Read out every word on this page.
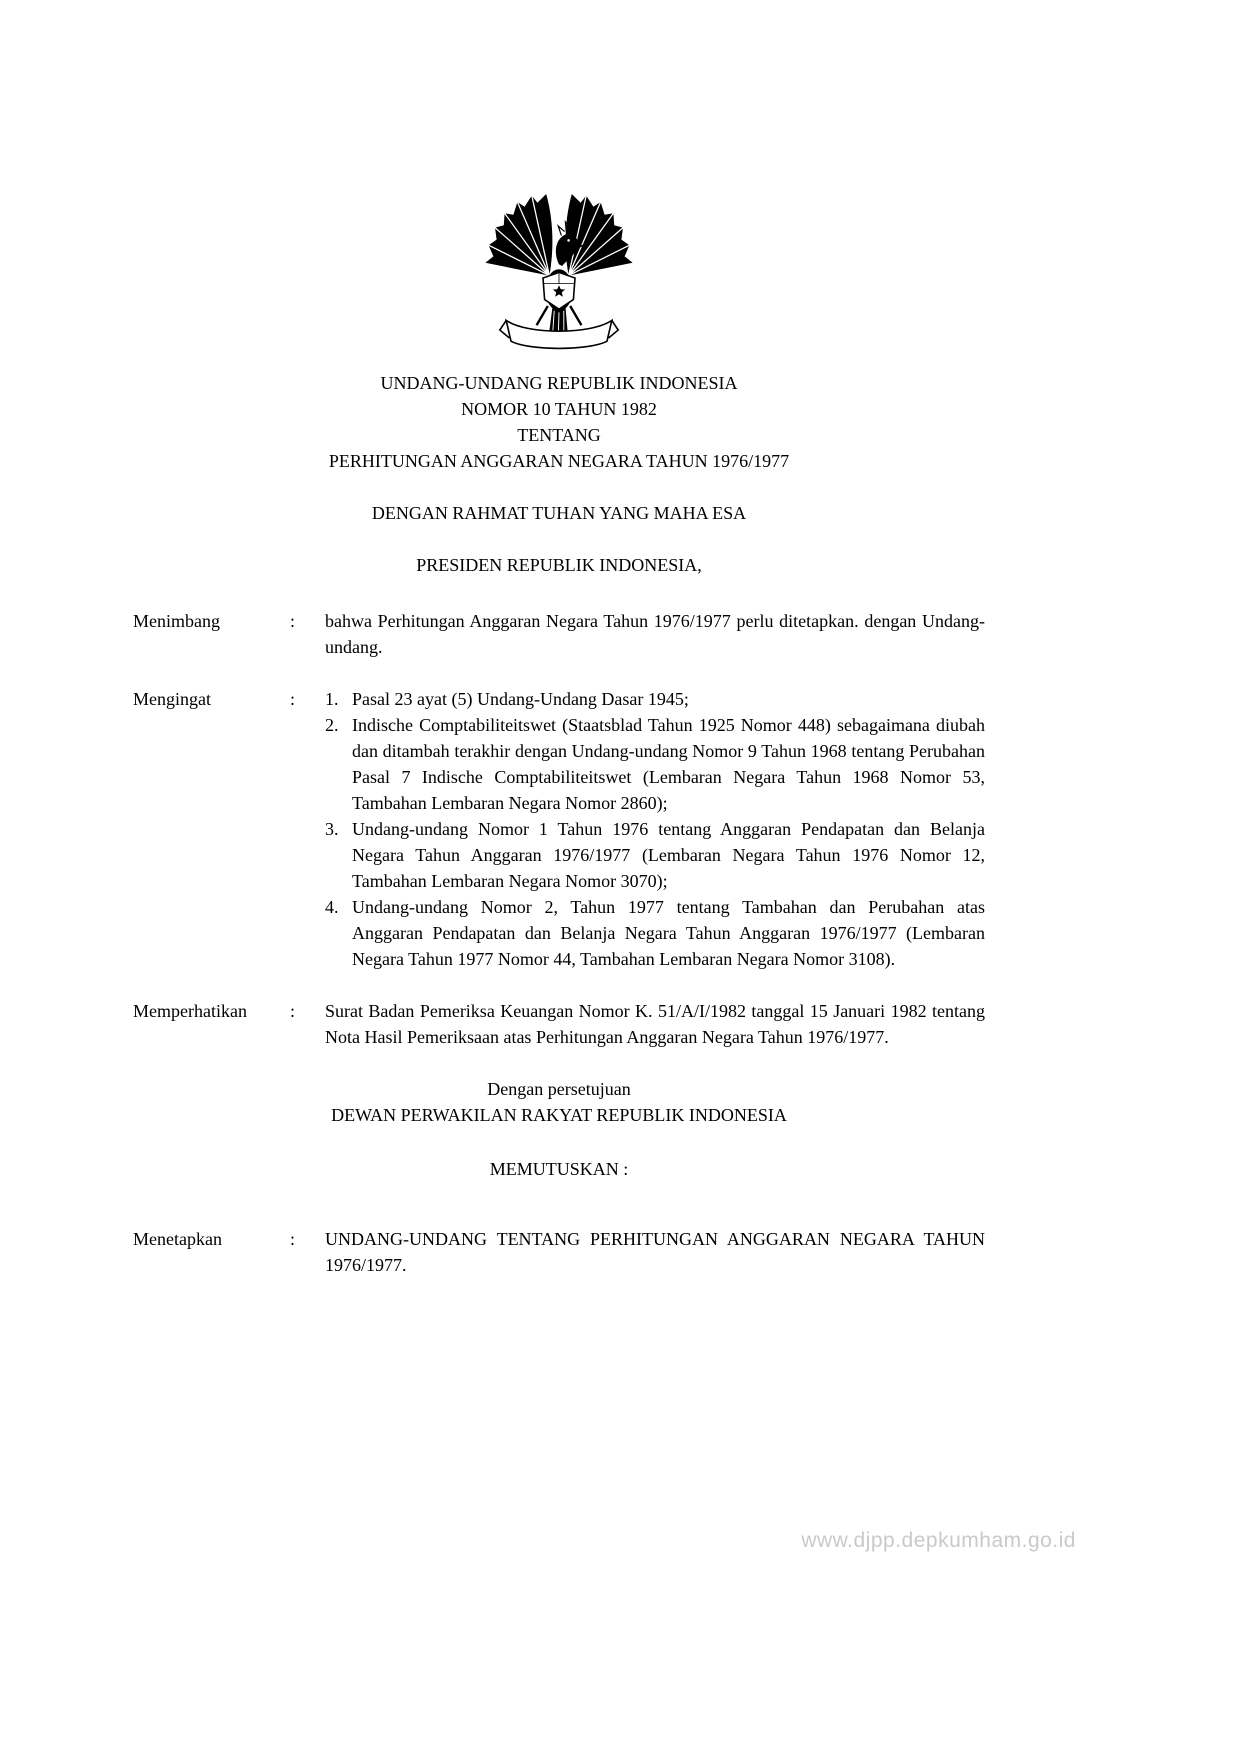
UNDANG-UNDANG REPUBLIK INDONESIA
NOMOR 10 TAHUN 1982
TENTANG
PERHITUNGAN ANGGARAN NEGARA TAHUN 1976/1977
DENGAN RAHMAT TUHAN YANG MAHA ESA
PRESIDEN REPUBLIK INDONESIA,
Menimbang	:	bahwa Perhitungan Anggaran Negara Tahun 1976/1977 perlu ditetapkan. dengan Undang-undang.
Mengingat	:	1. Pasal 23 ayat (5) Undang-Undang Dasar 1945;
2. Indische Comptabiliteitswet (Staatsblad Tahun 1925 Nomor 448) sebagaimana diubah dan ditambah terakhir dengan Undang-undang Nomor 9 Tahun 1968 tentang Perubahan Pasal 7 Indische Comptabiliteitswet (Lembaran Negara Tahun 1968 Nomor 53, Tambahan Lembaran Negara Nomor 2860);
3. Undang-undang Nomor 1 Tahun 1976 tentang Anggaran Pendapatan dan Belanja Negara Tahun Anggaran 1976/1977 (Lembaran Negara Tahun 1976 Nomor 12, Tambahan Lembaran Negara Nomor 3070);
4. Undang-undang Nomor 2, Tahun 1977 tentang Tambahan dan Perubahan atas Anggaran Pendapatan dan Belanja Negara Tahun Anggaran 1976/1977 (Lembaran Negara Tahun 1977 Nomor 44, Tambahan Lembaran Negara Nomor 3108).
Memperhatikan	:	Surat Badan Pemeriksa Keuangan Nomor K. 51/A/I/1982 tanggal 15 Januari 1982 tentang Nota Hasil Pemeriksaan atas Perhitungan Anggaran Negara Tahun 1976/1977.
Dengan persetujuan
DEWAN PERWAKILAN RAKYAT REPUBLIK INDONESIA
MEMUTUSKAN :
Menetapkan	:	UNDANG-UNDANG TENTANG PERHITUNGAN ANGGARAN NEGARA TAHUN 1976/1977.
www.djpp.depkumham.go.id
